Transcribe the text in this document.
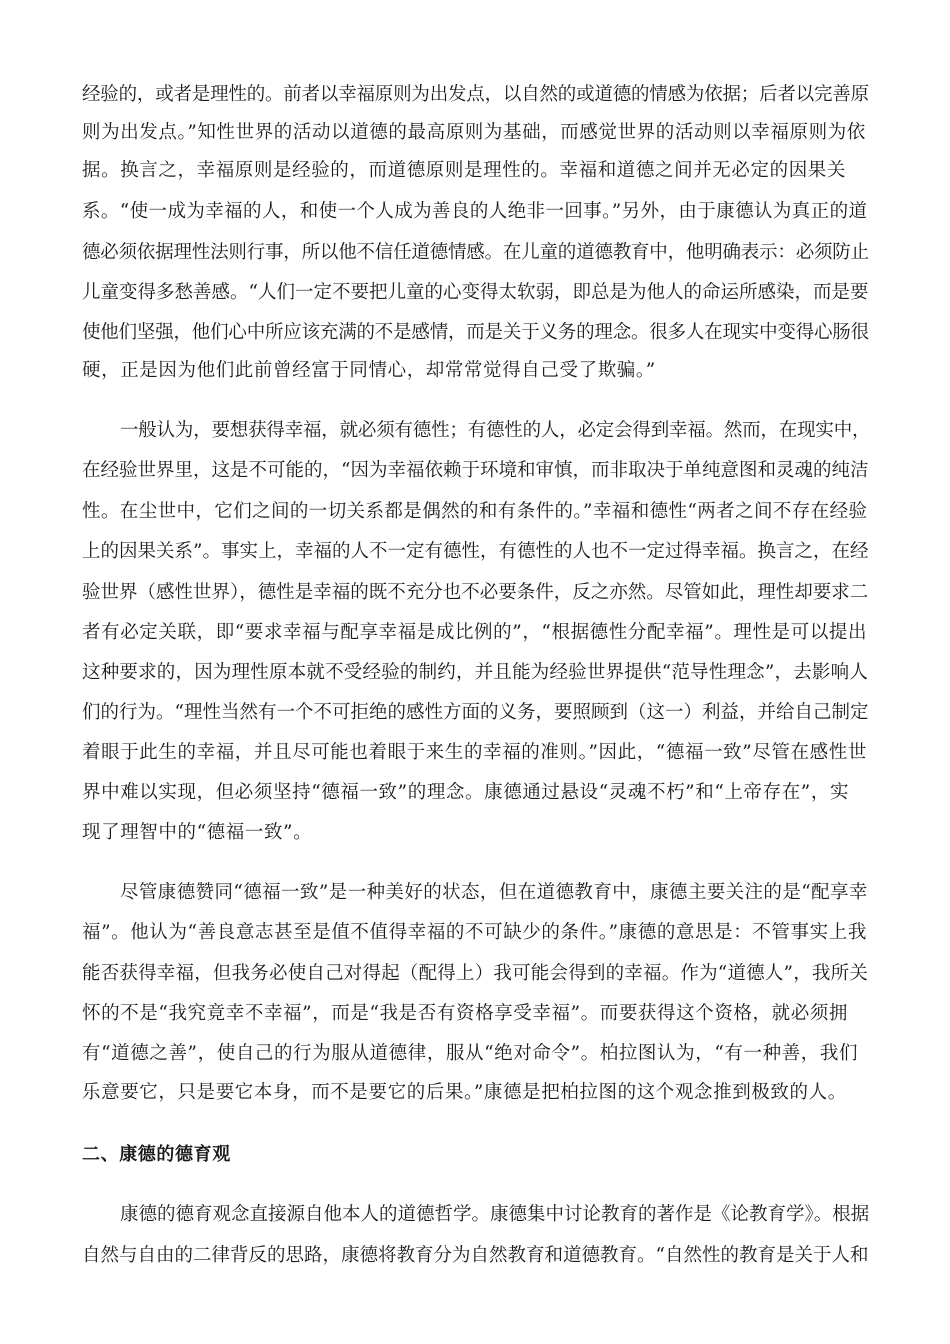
经验的，或者是理性的。前者以幸福原则为出发点，以自然的或道德的情感为依据；后者以完善原
则为出发点。”知性世界的活动以道德的最高原则为基础，而感觉世界的活动则以幸福原则为依
据。换言之，幸福原则是经验的，而道德原则是理性的。幸福和道德之间并无必定的因果关
系。“使一成为幸福的人，和使一个人成为善良的人绝非一回事。”另外，由于康德认为真正的道
德必须依据理性法则行事，所以他不信任道德情感。在儿童的道德教育中，他明确表示：必须防止
儿童变得多愁善感。“人们一定不要把儿童的心变得太软弱，即总是为他人的命运所感染，而是要
使他们坚强，他们心中所应该充满的不是感情，而是关于义务的理念。很多人在现实中变得心肠很
硬，正是因为他们此前曾经富于同情心，却常常觉得自己受了欺骗。”
一般认为，要想获得幸福，就必须有德性；有德性的人，必定会得到幸福。然而，在现实中，
在经验世界里，这是不可能的，“因为幸福依赖于环境和审慎，而非取决于单纯意图和灵魂的纯洁
性。在尘世中，它们之间的一切关系都是偶然的和有条件的。”幸福和德性“两者之间不存在经验
上的因果关系”。事实上，幸福的人不一定有德性，有德性的人也不一定过得幸福。换言之，在经
验世界（感性世界），德性是幸福的既不充分也不必要条件，反之亦然。尽管如此，理性却要求二
者有必定关联，即“要求幸福与配享幸福是成比例的”，“根据德性分配幸福”。理性是可以提出
这种要求的，因为理性原本就不受经验的制约，并且能为经验世界提供“范导性理念”，去影响人
们的行为。“理性当然有一个不可拒绝的感性方面的义务，要照顾到（这一）利益，并给自己制定
着眼于此生的幸福，并且尽可能也着眼于来生的幸福的准则。”因此，“德福一致”尽管在感性世
界中难以实现，但必须坚持“德福一致”的理念。康德通过悬设“灵魂不朽”和“上帝存在”，实
现了理智中的“德福一致”。
尽管康德赞同“德福一致”是一种美好的状态，但在道德教育中，康德主要关注的是“配享幸
福”。他认为“善良意志甚至是值不值得幸福的不可缺少的条件。”康德的意思是：不管事实上我
能否获得幸福，但我务必使自己对得起（配得上）我可能会得到的幸福。作为“道德人”，我所关
怀的不是“我究竟幸不幸福”，而是“我是否有资格享受幸福”。而要获得这个资格，就必须拥
有“道德之善”，使自己的行为服从道德律，服从“绝对命令”。柏拉图认为，“有一种善，我们
乐意要它，只是要它本身，而不是要它的后果。”康德是把柏拉图的这个观念推到极致的人。
二、康德的德育观
康德的德育观念直接源自他本人的道德哲学。康德集中讨论教育的著作是《论教育学》。根据
自然与自由的二律背反的思路，康德将教育分为自然教育和道德教育。“自然性的教育是关于人和
